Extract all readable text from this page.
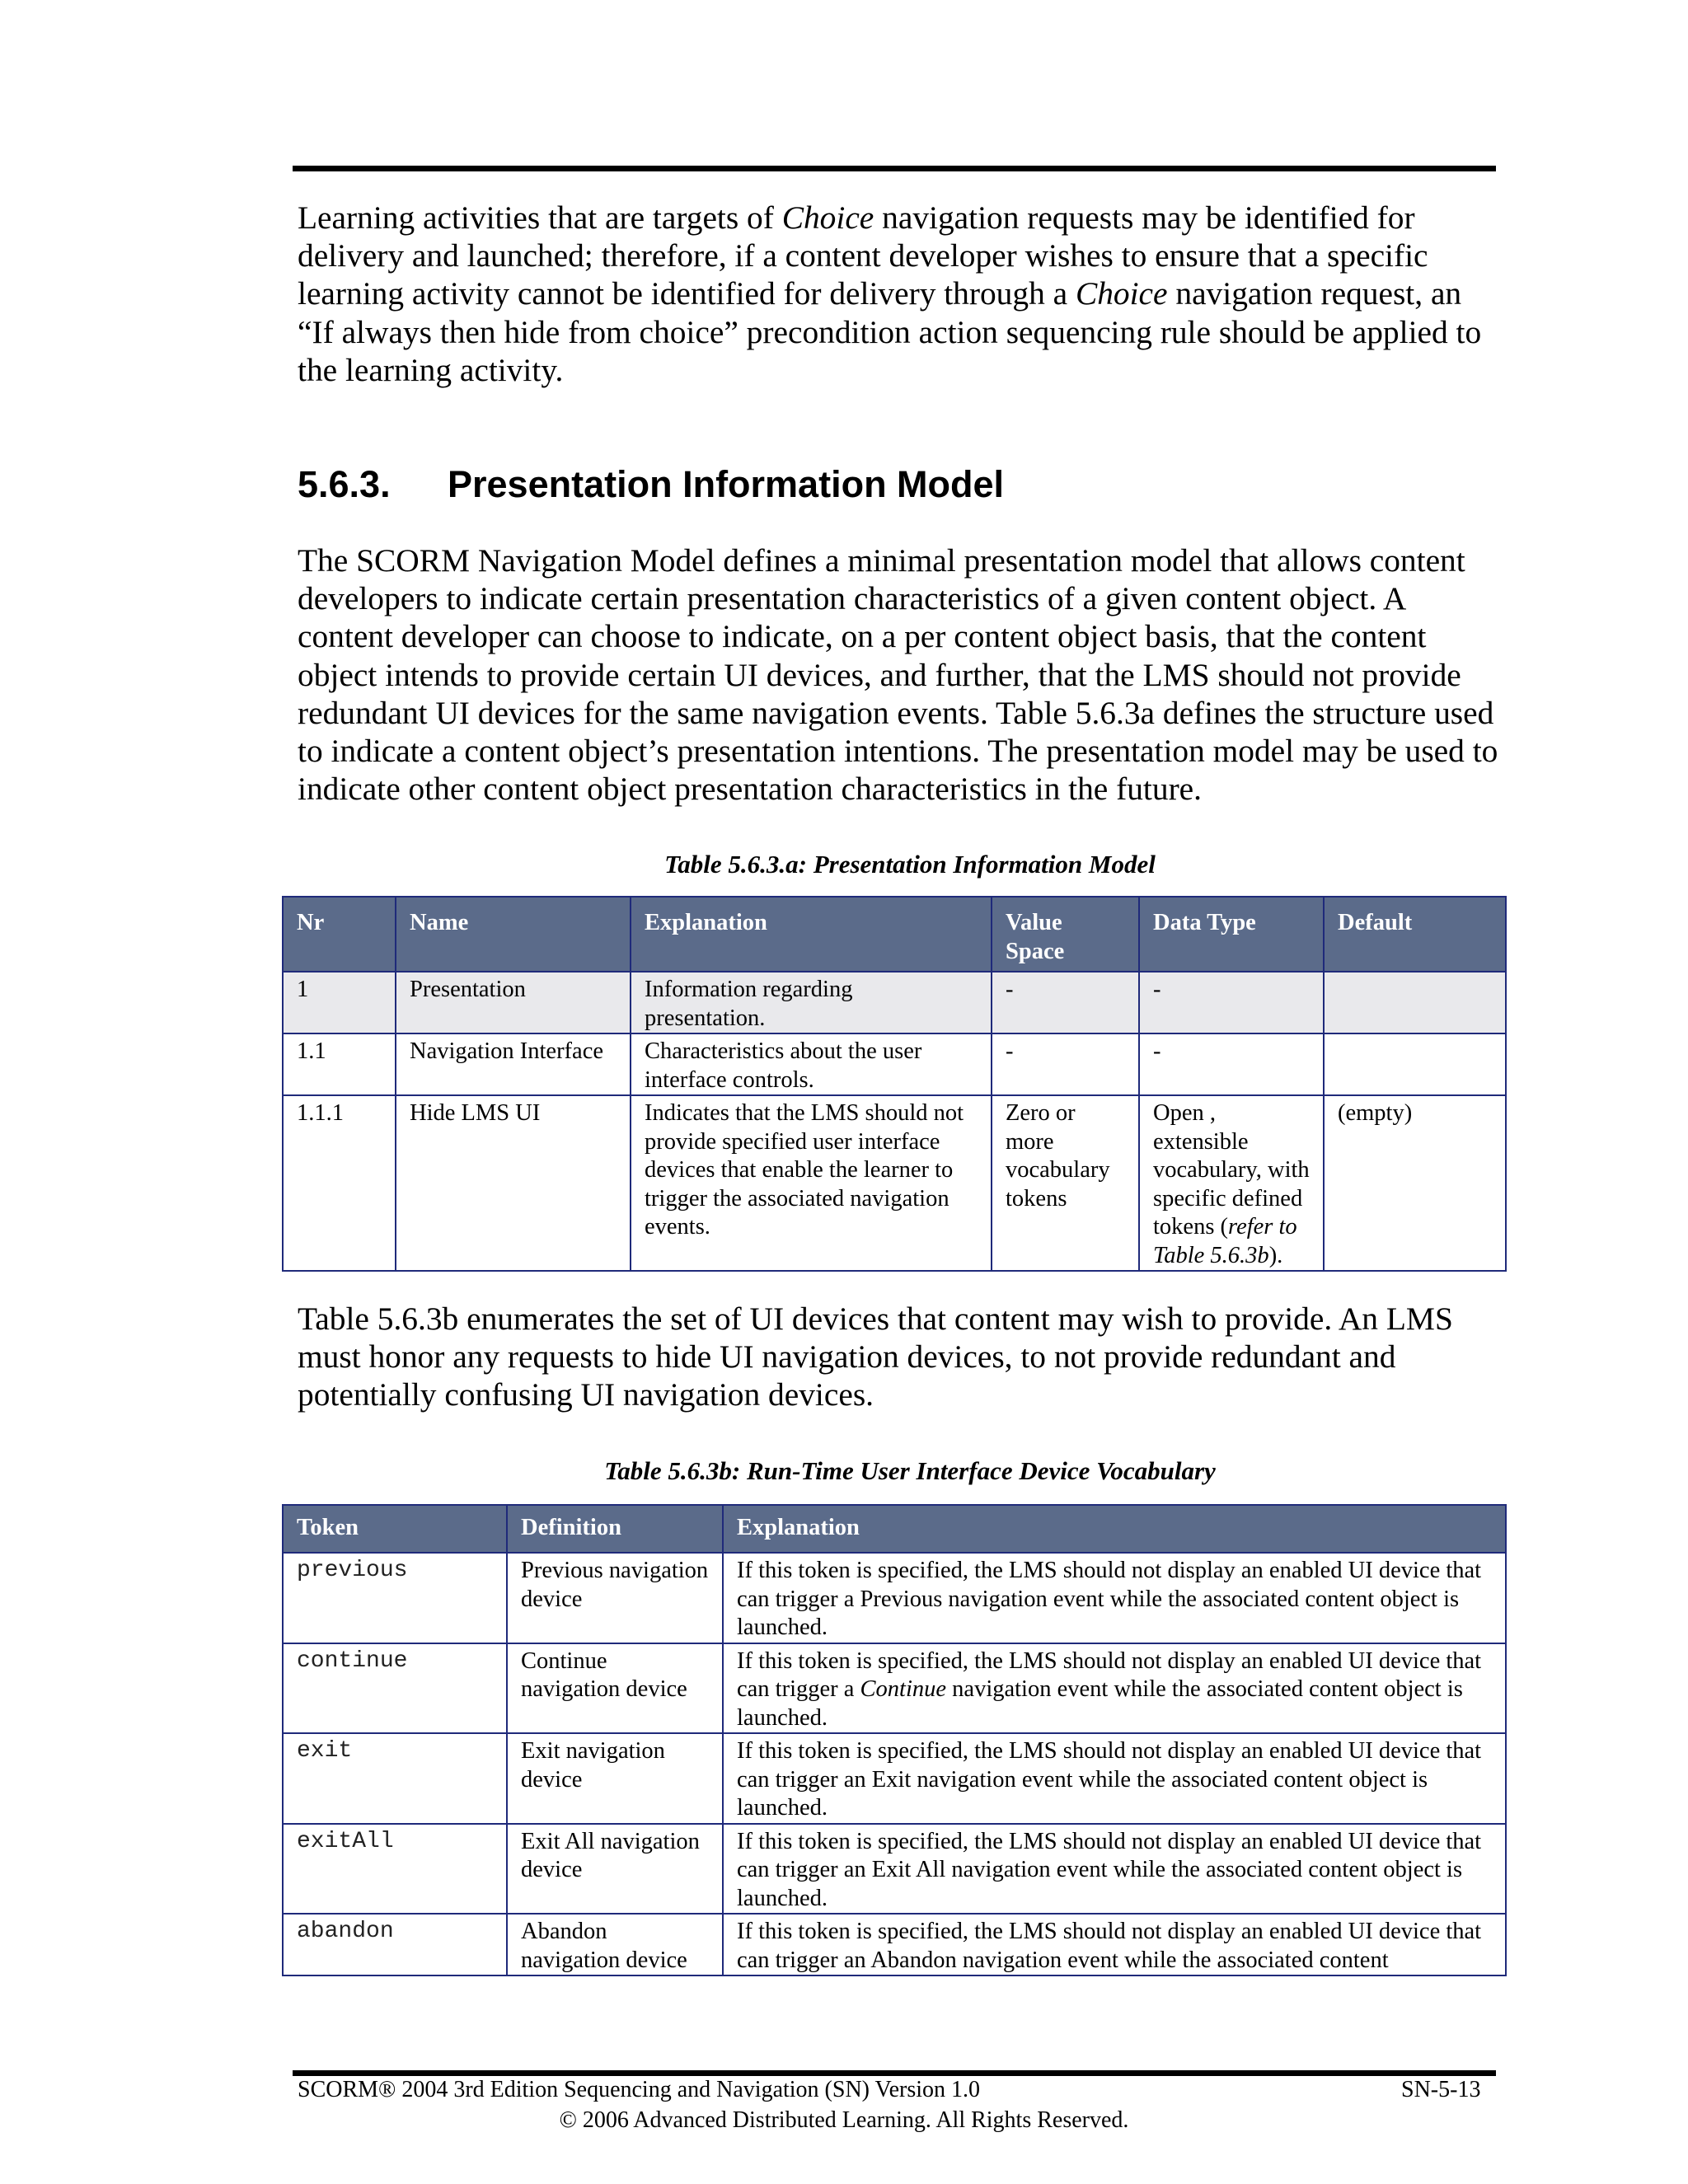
Learning activities that are targets of Choice navigation requests may be identified for delivery and launched; therefore, if a content developer wishes to ensure that a specific learning activity cannot be identified for delivery through a Choice navigation request, an “If always then hide from choice” precondition action sequencing rule should be applied to the learning activity.

5.6.3. Presentation Information Model

The SCORM Navigation Model defines a minimal presentation model that allows content developers to indicate certain presentation characteristics of a given content object. A content developer can choose to indicate, on a per content object basis, that the content object intends to provide certain UI devices, and further, that the LMS should not provide redundant UI devices for the same navigation events. Table 5.6.3a defines the structure used to indicate a content object’s presentation intentions. The presentation model may be used to indicate other content object presentation characteristics in the future.

Table 5.6.3.a: Presentation Information Model

Nr	Name	Explanation	Value Space	Data Type	Default
1	Presentation	Information regarding presentation.	-	-	
1.1	Navigation Interface	Characteristics about the user interface controls.	-	-	
1.1.1	Hide LMS UI	Indicates that the LMS should not provide specified user interface devices that enable the learner to trigger the associated navigation events.	Zero or more vocabulary tokens	Open , extensible vocabulary, with specific defined tokens (refer to Table 5.6.3b).	(empty)

Table 5.6.3b enumerates the set of UI devices that content may wish to provide. An LMS must honor any requests to hide UI navigation devices, to not provide redundant and potentially confusing UI navigation devices.

Table 5.6.3b: Run-Time User Interface Device Vocabulary

Token	Definition	Explanation
previous	Previous navigation device	If this token is specified, the LMS should not display an enabled UI device that can trigger a Previous navigation event while the associated content object is launched.
continue	Continue navigation device	If this token is specified, the LMS should not display an enabled UI device that can trigger a Continue navigation event while the associated content object is launched.
exit	Exit navigation device	If this token is specified, the LMS should not display an enabled UI device that can trigger an Exit navigation event while the associated content object is launched.
exitAll	Exit All navigation device	If this token is specified, the LMS should not display an enabled UI device that can trigger an Exit All navigation event while the associated content object is launched.
abandon	Abandon navigation device	If this token is specified, the LMS should not display an enabled UI device that can trigger an Abandon navigation event while the associated content

SCORM® 2004 3rd Edition Sequencing and Navigation (SN) Version 1.0	SN-5-13

© 2006 Advanced Distributed Learning. All Rights Reserved.
